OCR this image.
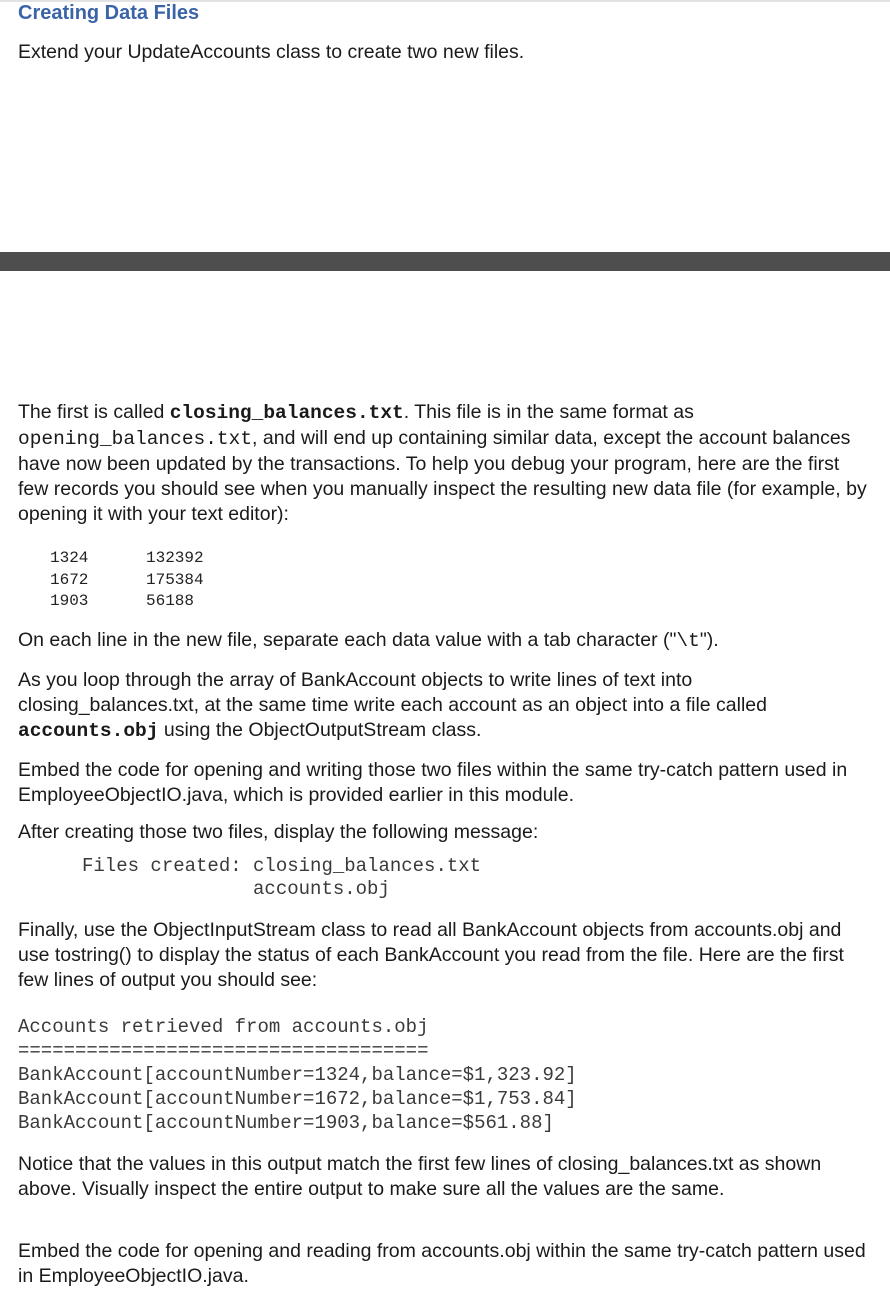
Creating Data Files

Extend your UpdateAccounts class to create two new files.

The first is called closing_balances.txt. This file is in the same format as opening_balances.txt, and will end up containing similar data, except the account balances have now been updated by the transactions. To help you debug your program, here are the first few records you should see when you manually inspect the resulting new data file (for example, by opening it with your text editor):

1324	132392
1672	175384
1903	56188

On each line in the new file, separate each data value with a tab character ("\t").

As you loop through the array of BankAccount objects to write lines of text into closing_balances.txt, at the same time write each account as an object into a file called accounts.obj using the ObjectOutputStream class.

Embed the code for opening and writing those two files within the same try-catch pattern used in EmployeeObjectIO.java, which is provided earlier in this module.

After creating those two files, display the following message:

Files created: closing_balances.txt
accounts.obj

Finally, use the ObjectInputStream class to read all BankAccount objects from accounts.obj and use tostring() to display the status of each BankAccount you read from the file. Here are the first few lines of output you should see:

Accounts retrieved from accounts.obj
====================================
BankAccount[accountNumber=1324,balance=$1,323.92]
BankAccount[accountNumber=1672,balance=$1,753.84]
BankAccount[accountNumber=1903,balance=$561.88]

Notice that the values in this output match the first few lines of closing_balances.txt as shown above. Visually inspect the entire output to make sure all the values are the same.

Embed the code for opening and reading from accounts.obj within the same try-catch pattern used in EmployeeObjectIO.java.
